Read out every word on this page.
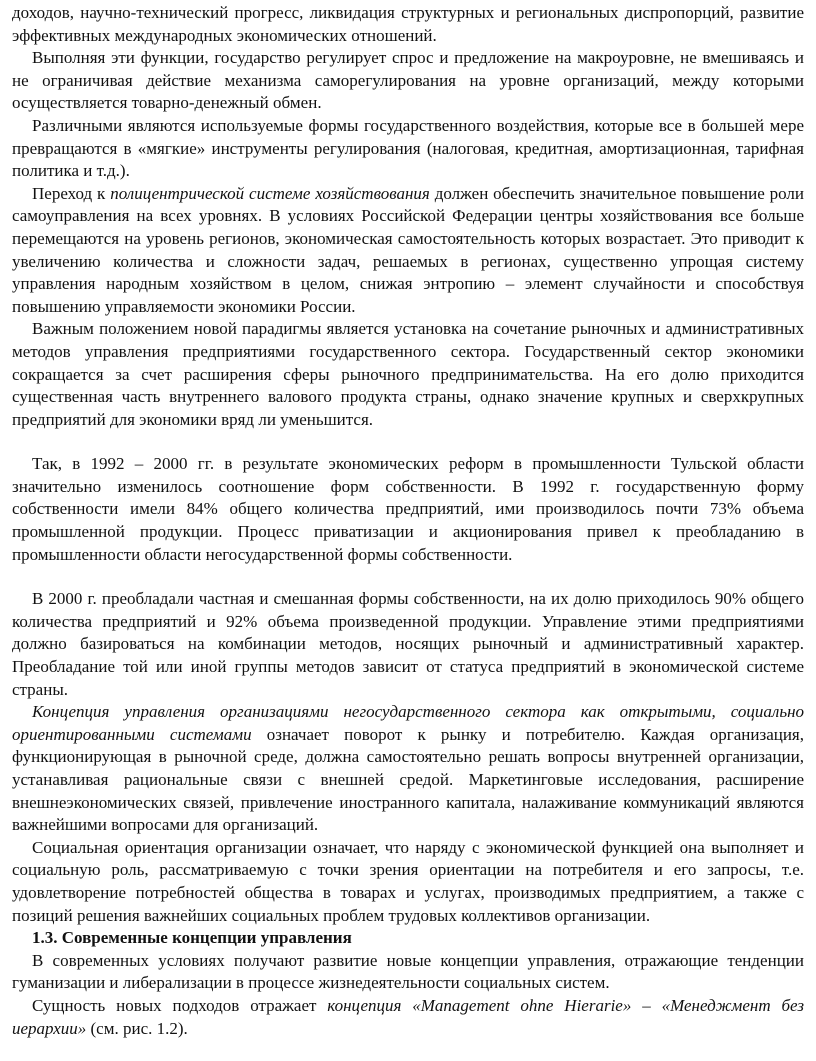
доходов, научно-технический прогресс, ликвидация структурных и региональных диспропорций, развитие эффективных международных экономических отношений.

Выполняя эти функции, государство регулирует спрос и предложение на макроуровне, не вмешиваясь и не ограничивая действие механизма саморегулирования на уровне организаций, между которыми осуществляется товарно-денежный обмен.

Различными являются используемые формы государственного воздействия, которые все в большей мере превращаются в «мягкие» инструменты регулирования (налоговая, кредитная, амортизационная, тарифная политика и т.д.).

Переход к полицентрической системе хозяйствования должен обеспечить значительное повышение роли самоуправления на всех уровнях. В условиях Российской Федерации центры хозяйствования все больше перемещаются на уровень регионов, экономическая самостоятельность которых возрастает. Это приводит к увеличению количества и сложности задач, решаемых в регионах, существенно упрощая систему управления народным хозяйством в целом, снижая энтропию – элемент случайности и способствуя повышению управляемости экономики России.

Важным положением новой парадигмы является установка на сочетание рыночных и административных методов управления предприятиями государственного сектора. Государственный сектор экономики сокращается за счет расширения сферы рыночного предпринимательства. На его долю приходится существенная часть внутреннего валового продукта страны, однако значение крупных и сверхкрупных предприятий для экономики вряд ли уменьшится.

Так, в 1992 – 2000 гг. в результате экономических реформ в промышленности Тульской области значительно изменилось соотношение форм собственности. В 1992 г. государственную форму собственности имели 84% общего количества предприятий, ими производилось почти 73% объема промышленной продукции. Процесс приватизации и акционирования привел к преобладанию в промышленности области негосударственной формы собственности.

В 2000 г. преобладали частная и смешанная формы собственности, на их долю приходилось 90% общего количества предприятий и 92% объема произведенной продукции. Управление этими предприятиями должно базироваться на комбинации методов, носящих рыночный и административный характер. Преобладание той или иной группы методов зависит от статуса предприятий в экономической системе страны.

Концепция управления организациями негосударственного сектора как открытыми, социально ориентированными системами означает поворот к рынку и потребителю. Каждая организация, функционирующая в рыночной среде, должна самостоятельно решать вопросы внутренней организации, устанавливая рациональные связи с внешней средой. Маркетинговые исследования, расширение внешнеэкономических связей, привлечение иностранного капитала, налаживание коммуникаций являются важнейшими вопросами для организаций.

Социальная ориентация организации означает, что наряду с экономической функцией она выполняет и социальную роль, рассматриваемую с точки зрения ориентации на потребителя и его запросы, т.е. удовлетворение потребностей общества в товарах и услугах, производимых предприятием, а также с позиций решения важнейших социальных проблем трудовых коллективов организации.

1.3. Современные концепции управления

В современных условиях получают развитие новые концепции управления, отражающие тенденции гуманизации и либерализации в процессе жизнедеятельности социальных систем.

Сущность новых подходов отражает концепция «Management ohne Hierarie» – «Менеджмент без иерархии» (см. рис. 1.2).
